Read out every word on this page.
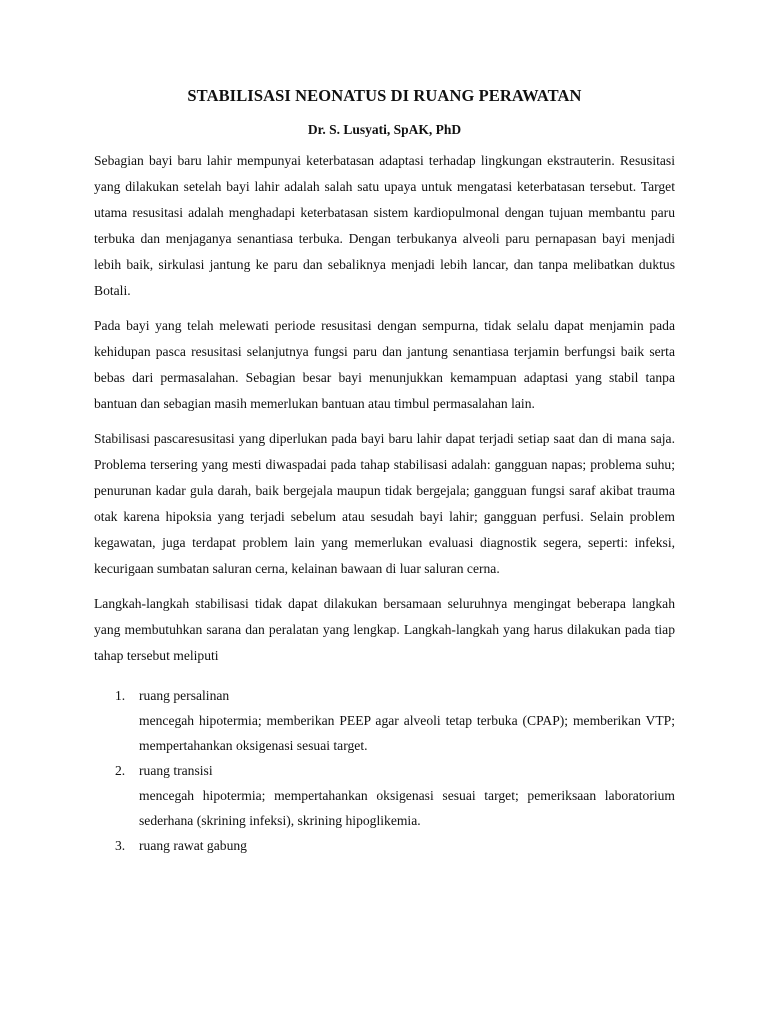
STABILISASI NEONATUS DI RUANG PERAWATAN

Dr. S. Lusyati, SpAK, PhD

Sebagian bayi baru lahir mempunyai keterbatasan adaptasi terhadap lingkungan ekstrauterin. Resusitasi yang dilakukan setelah bayi lahir adalah salah satu upaya untuk mengatasi keterbatasan tersebut. Target utama resusitasi adalah menghadapi keterbatasan sistem kardiopulmonal dengan tujuan membantu paru terbuka dan menjaganya senantiasa terbuka. Dengan terbukanya alveoli paru pernapasan bayi menjadi lebih baik, sirkulasi jantung ke paru dan sebaliknya menjadi lebih lancar, dan tanpa melibatkan duktus Botali.

Pada bayi yang telah melewati periode resusitasi dengan sempurna, tidak selalu dapat menjamin pada kehidupan pasca resusitasi selanjutnya fungsi paru dan jantung senantiasa terjamin berfungsi baik serta bebas dari permasalahan. Sebagian besar bayi menunjukkan kemampuan adaptasi yang stabil tanpa bantuan dan sebagian masih memerlukan bantuan atau timbul permasalahan lain.

Stabilisasi pascaresusitasi yang diperlukan pada bayi baru lahir dapat terjadi setiap saat dan di mana saja. Problema tersering yang mesti diwaspadai pada tahap stabilisasi adalah: gangguan napas; problema suhu; penurunan kadar gula darah, baik bergejala maupun tidak bergejala; gangguan fungsi saraf akibat trauma otak karena hipoksia yang terjadi sebelum atau sesudah bayi lahir; gangguan perfusi. Selain problem kegawatan, juga terdapat problem lain yang memerlukan evaluasi diagnostik segera, seperti: infeksi, kecurigaan sumbatan saluran cerna, kelainan bawaan di luar saluran cerna.

Langkah-langkah stabilisasi tidak dapat dilakukan bersamaan seluruhnya mengingat beberapa langkah yang membutuhkan sarana dan peralatan yang lengkap. Langkah-langkah yang harus dilakukan pada tiap tahap tersebut meliputi

1. ruang persalinan
mencegah hipotermia; memberikan PEEP agar alveoli tetap terbuka (CPAP); memberikan VTP; mempertahankan oksigenasi sesuai target.
2. ruang transisi
mencegah hipotermia; mempertahankan oksigenasi sesuai target; pemeriksaan laboratorium sederhana (skrining infeksi), skrining hipoglikemia.
3. ruang rawat gabung
